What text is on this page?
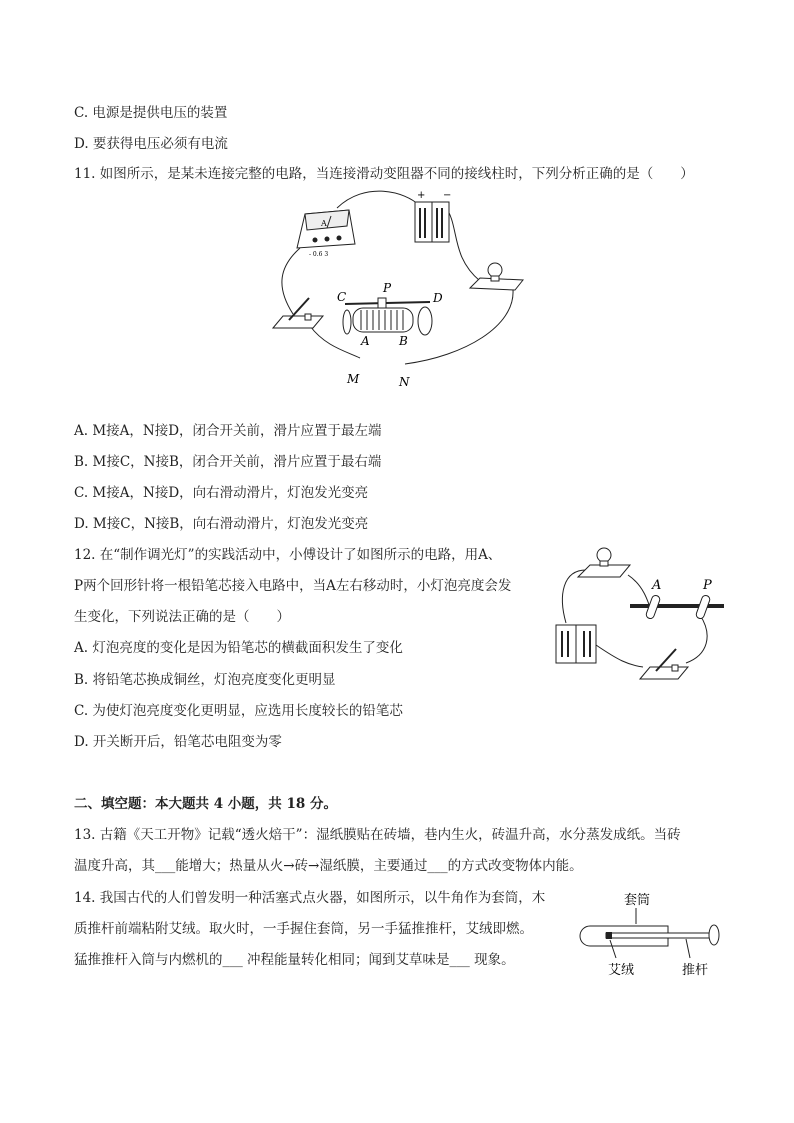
C. 电源是提供电压的装置
D. 要获得电压必须有电流
11. 如图所示，是某未连接完整的电路，当连接滑动变阻器不同的接线柱时，下列分析正确的是（　　）
A
- 0.6 3
+ −
C
P
D
A B
M	N
A. M接A，N接D，闭合开关前，滑片应置于最左端
B. M接C，N接B，闭合开关前，滑片应置于最右端
C. M接A，N接D，向右滑动滑片，灯泡发光变亮
D. M接C，N接B，向右滑动滑片，灯泡发光变亮
12. 在“制作调光灯”的实践活动中，小傅设计了如图所示的电路，用A、
P两个回形针将一根铅笔芯接入电路中，当A左右移动时，小灯泡亮度会发
生变化，下列说法正确的是（　　）
A. 灯泡亮度的变化是因为铅笔芯的横截面积发生了变化
B. 将铅笔芯换成铜丝，灯泡亮度变化更明显
C. 为使灯泡亮度变化更明显，应选用长度较长的铅笔芯
D. 开关断开后，铅笔芯电阻变为零
A	P
二、填空题：本大题共 4 小题，共 18 分。
13. 古籍《天工开物》记载“透火焙干”：湿纸膜贴在砖墙，巷内生火，砖温升高，水分蒸发成纸。当砖
温度升高，其___能增大；热量从火→砖→湿纸膜，主要通过___的方式改变物体内能。
14. 我国古代的人们曾发明一种活塞式点火器，如图所示，以牛角作为套筒，木
质推杆前端粘附艾绒。取火时，一手握住套筒，另一手猛推推杆，艾绒即燃。
猛推推杆入筒与内燃机的___ 冲程能量转化相同；闻到艾草味是___ 现象。
套筒
艾绒	推杆
